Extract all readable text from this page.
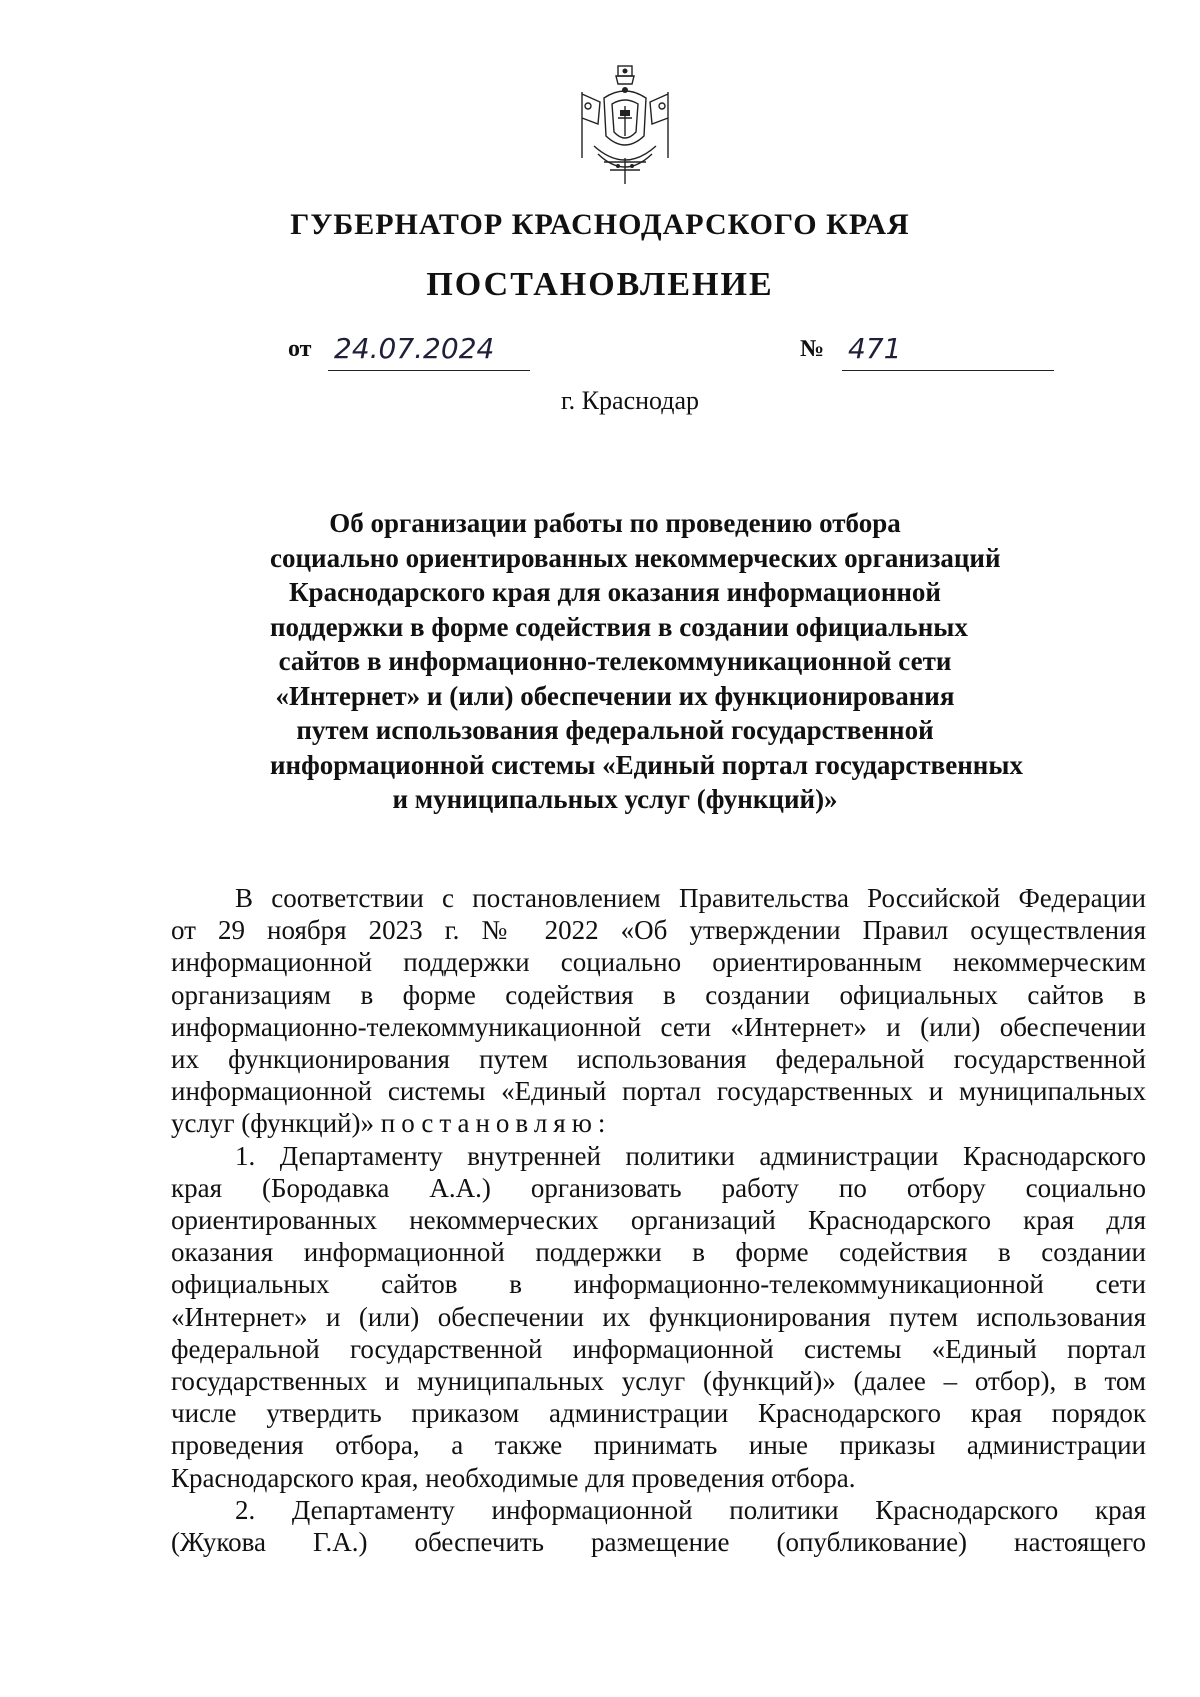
ГУБЕРНАТОР КРАСНОДАРСКОГО КРАЯ
ПОСТАНОВЛЕНИЕ
от 24.07.2024	№ 471
г. Краснодар
Об организации работы по проведению отбора
социально ориентированных некоммерческих организаций
Краснодарского края для оказания информационной
поддержки в форме содействия в создании официальных
сайтов в информационно-телекоммуникационной сети
«Интернет» и (или) обеспечении их функционирования
путем использования федеральной государственной
информационной системы «Единый портал государственных
и муниципальных услуг (функций)»
В соответствии с постановлением Правительства Российской Федерации
от 29 ноября 2023 г. № 2022 «Об утверждении Правил осуществления
информационной поддержки социально ориентированным некоммерческим
организациям в форме содействия в создании официальных сайтов в
информационно-телекоммуникационной сети «Интернет» и (или) обеспечении
их функционирования путем использования федеральной государственной
информационной системы «Единый портал государственных и муниципальных
услуг (функций)» постановляю:
1. Департаменту внутренней политики администрации Краснодарского
края (Бородавка А.А.) организовать работу по отбору социально
ориентированных некоммерческих организаций Краснодарского края для
оказания информационной поддержки в форме содействия в создании
официальных сайтов в информационно-телекоммуникационной сети
«Интернет» и (или) обеспечении их функционирования путем использования
федеральной государственной информационной системы «Единый портал
государственных и муниципальных услуг (функций)» (далее – отбор), в том
числе утвердить приказом администрации Краснодарского края порядок
проведения отбора, а также принимать иные приказы администрации
Краснодарского края, необходимые для проведения отбора.
2. Департаменту информационной политики Краснодарского края
(Жукова Г.А.) обеспечить размещение (опубликование) настоящего
